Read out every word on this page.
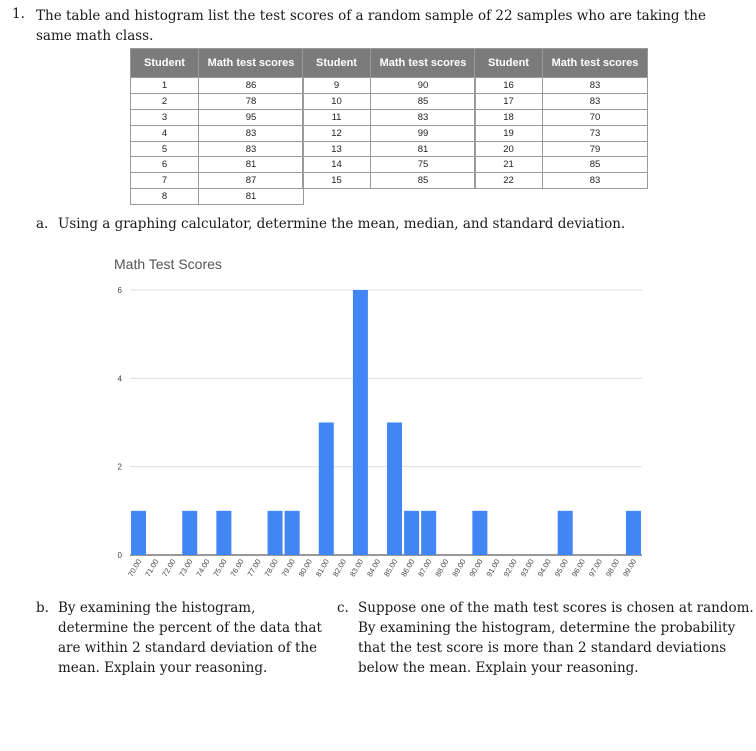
1. The table and histogram list the test scores of a random sample of 22 samples who are taking the same math class.
Student	Math test scores
1	86
2	78
3	95
4	83
5	83
6	81
7	87
8	81
Student	Math test scores
9	90
10	85
11	83
12	99
13	81
14	75
15	85

Student	Math test scores
16	83
17	83
18	70
19	73
20	79
21	85
22	83

a. Using a graphing calculator, determine the mean, median, and standard deviation.
Math Test Scores
0
2
4
6
70.00 71.00 72.00 73.00 74.00 75.00 76.00 77.00 78.00 79.00 80.00 81.00 82.00 83.00 84.00 85.00 86.00 87.00 88.00 89.00 90.00 91.00 92.00 93.00 94.00 95.00 96.00 97.00 98.00 99.00
b. By examining the histogram,
determine the percent of the data that
are within 2 standard deviation of the
mean. Explain your reasoning.
c. Suppose one of the math test scores is chosen at random.
By examining the histogram, determine the probability
that the test score is more than 2 standard deviations
below the mean. Explain your reasoning.
